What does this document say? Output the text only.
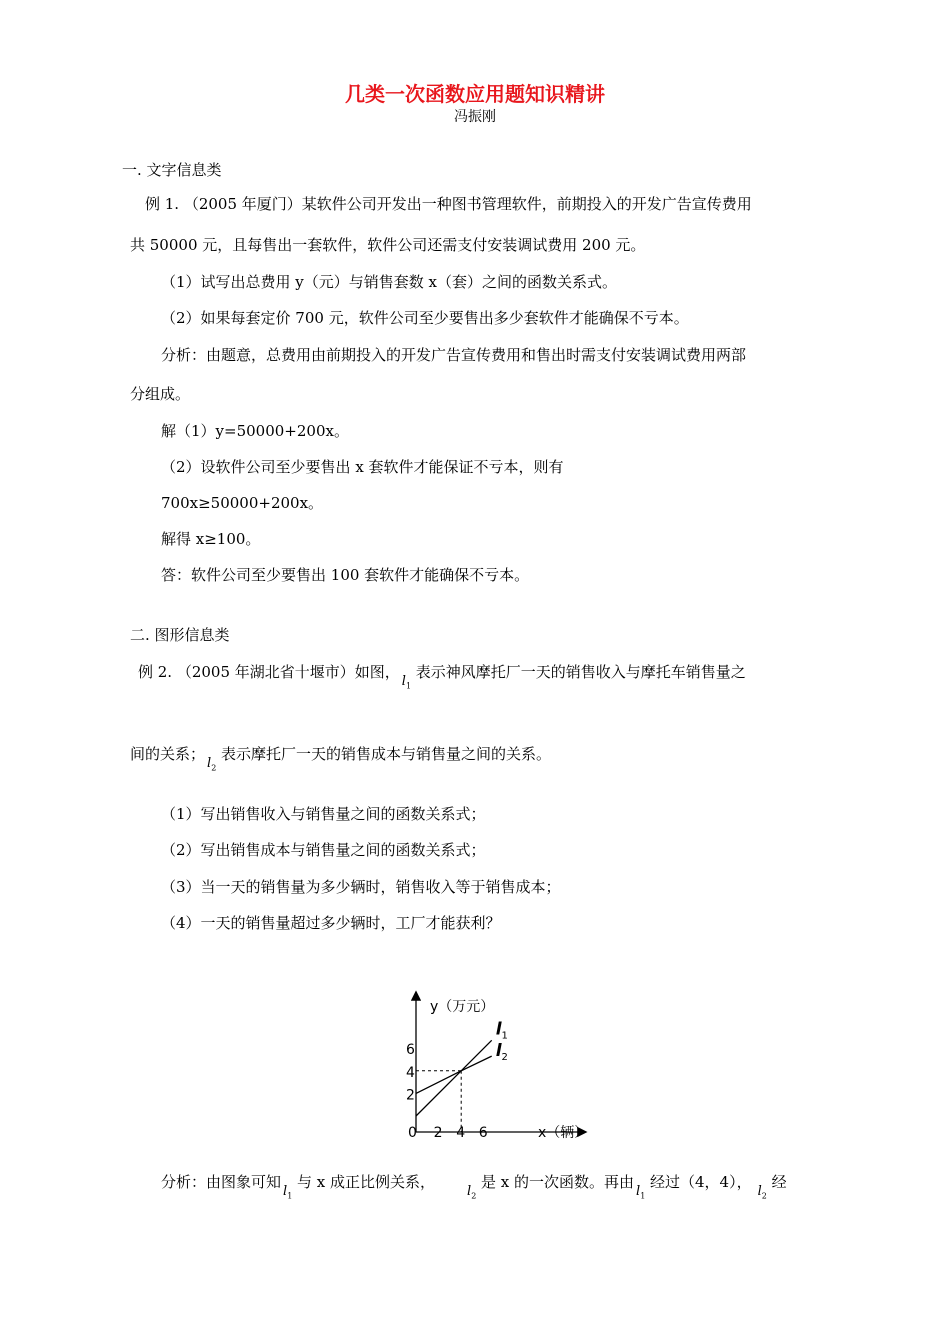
几类一次函数应用题知识精讲
冯振刚
一. 文字信息类
例 1. （2005 年厦门）某软件公司开发出一种图书管理软件，前期投入的开发广告宣传费用
共 50000 元，且每售出一套软件，软件公司还需支付安装调试费用 200 元。
（1）试写出总费用 y（元）与销售套数 x（套）之间的函数关系式。
（2）如果每套定价 700 元，软件公司至少要售出多少套软件才能确保不亏本。
分析：由题意，总费用由前期投入的开发广告宣传费用和售出时需支付安装调试费用两部
分组成。
解（1）y=50000+200x。
（2）设软件公司至少要售出 x 套软件才能保证不亏本，则有
700x≥50000+200x。
解得 x≥100。
答：软件公司至少要售出 100 套软件才能确保不亏本。
二. 图形信息类
例 2. （2005 年湖北省十堰市）如图，
$l_1$
表示神风摩托厂一天的销售收入与摩托车销售量之
间的关系；
$l_2$
表示摩托厂一天的销售成本与销售量之间的关系。
（1）写出销售收入与销售量之间的函数关系式；
（2）写出销售成本与销售量之间的函数关系式；
（3）当一天的销售量为多少辆时，销售收入等于销售成本；
（4）一天的销售量超过多少辆时，工厂才能获利？
y（万元）
$l_1$
$l_2$
0 2 4 6
2
4
6
x（辆）
分析：由图象可知
$l_1$
与 x 成正比例关系，
$l_2$
是 x 的一次函数。再由
$l_1$
经过（4，4），
$l_2$
经
